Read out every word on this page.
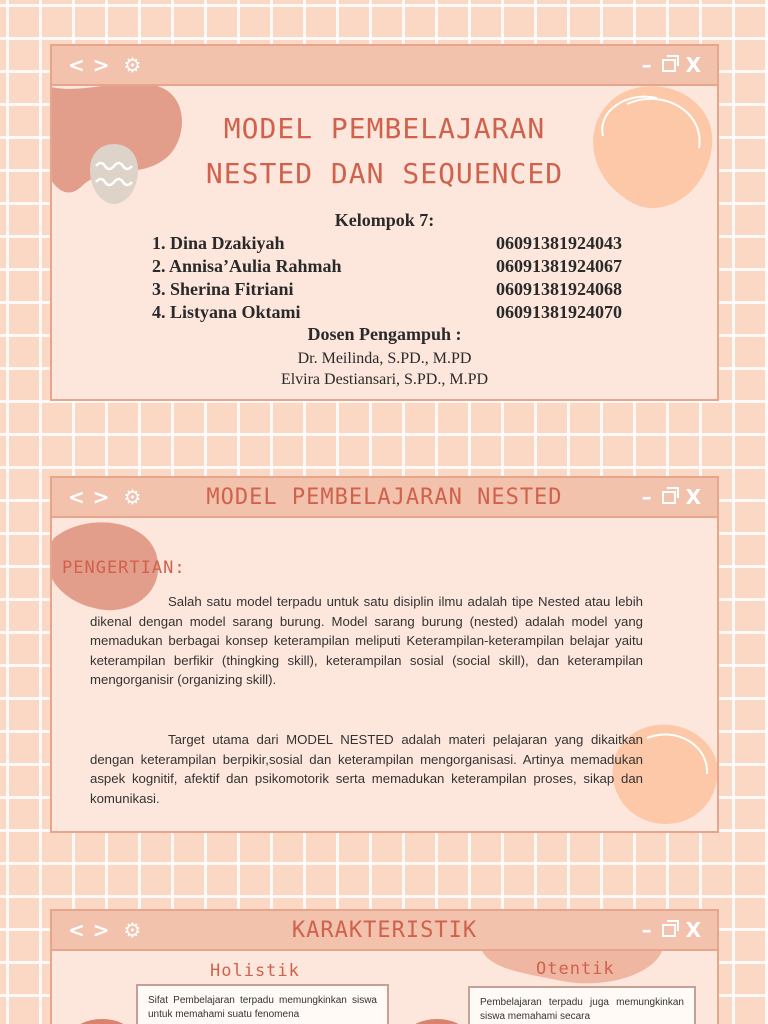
< > ⚙	– X
MODEL PEMBELAJARAN
NESTED DAN SEQUENCED
Kelompok 7:
1. Dina Dzakiyah	06091381924043
2. Annisa’Aulia Rahmah	06091381924067
3. Sherina Fitriani	06091381924068
4. Listyana Oktami	06091381924070
Dosen Pengampuh :
Dr. Meilinda, S.PD., M.PD
Elvira Destiansari, S.PD., M.PD
< > ⚙	MODEL PEMBELAJARAN NESTED	– X
PENGERTIAN:
Salah satu model terpadu untuk satu disiplin ilmu adalah tipe Nested atau lebih dikenal dengan model sarang burung. Model sarang burung (nested) adalah model yang memadukan berbagai konsep keterampilan meliputi Keterampilan-keterampilan belajar yaitu keterampilan berfikir (thingking skill), keterampilan sosial (social skill), dan keterampilan mengorganisir (organizing skill).
Target utama dari MODEL NESTED adalah materi pelajaran yang dikaitkan dengan keterampilan berpikir,sosial dan keterampilan mengorganisasi. Artinya memadukan aspek kognitif, afektif dan psikomotorik serta memadukan keterampilan proses, sikap dan komunikasi.
< > ⚙	KARAKTERISTIK	– X
Holistik	Otentik
Sifat Pembelajaran terpadu memungkinkan siswa untuk memahami suatu fenomena
Pembelajaran terpadu juga memungkinkan siswa memahami secara
